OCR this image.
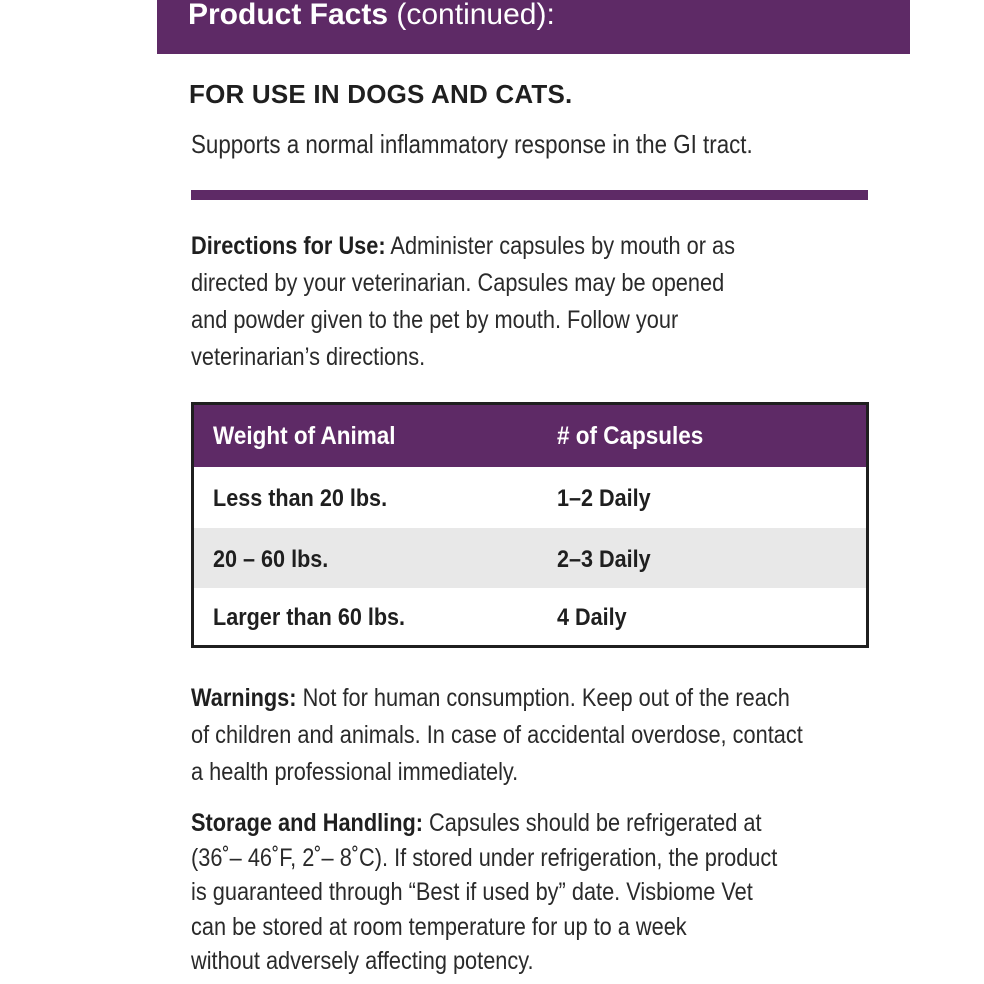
Product Facts (continued):
FOR USE IN DOGS AND CATS.
Supports a normal inflammatory response in the GI tract.
Directions for Use: Administer capsules by mouth or as
directed by your veterinarian. Capsules may be opened
and powder given to the pet by mouth. Follow your
veterinarian’s directions.
Weight of Animal	# of Capsules
Less than 20 lbs.	1–2 Daily
20 – 60 lbs.	2–3 Daily
Larger than 60 lbs.	4 Daily
Warnings: Not for human consumption. Keep out of the reach
of children and animals. In case of accidental overdose, contact
a health professional immediately.
Storage and Handling: Capsules should be refrigerated at
(36˚– 46˚F, 2˚– 8˚C). If stored under refrigeration, the product
is guaranteed through “Best if used by” date. Visbiome Vet
can be stored at room temperature for up to a week
without adversely affecting potency.
